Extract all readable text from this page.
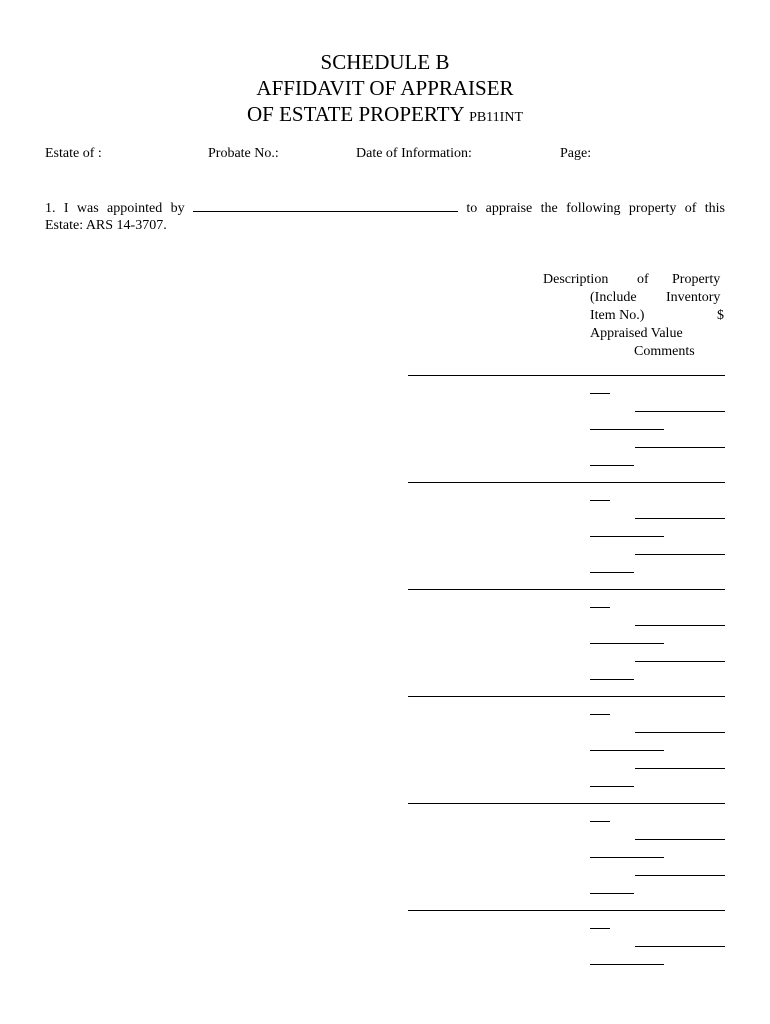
SCHEDULE B
AFFIDAVIT OF APPRAISER
OF ESTATE PROPERTY PB11INT
Estate of :	Probate No.:	Date of Information:	Page:
1. I was appointed by	to appraise the following property of this
Estate: ARS 14-3707.
Description of Property
(Include Inventory
Item No.)	$
Appraised Value
Comments
